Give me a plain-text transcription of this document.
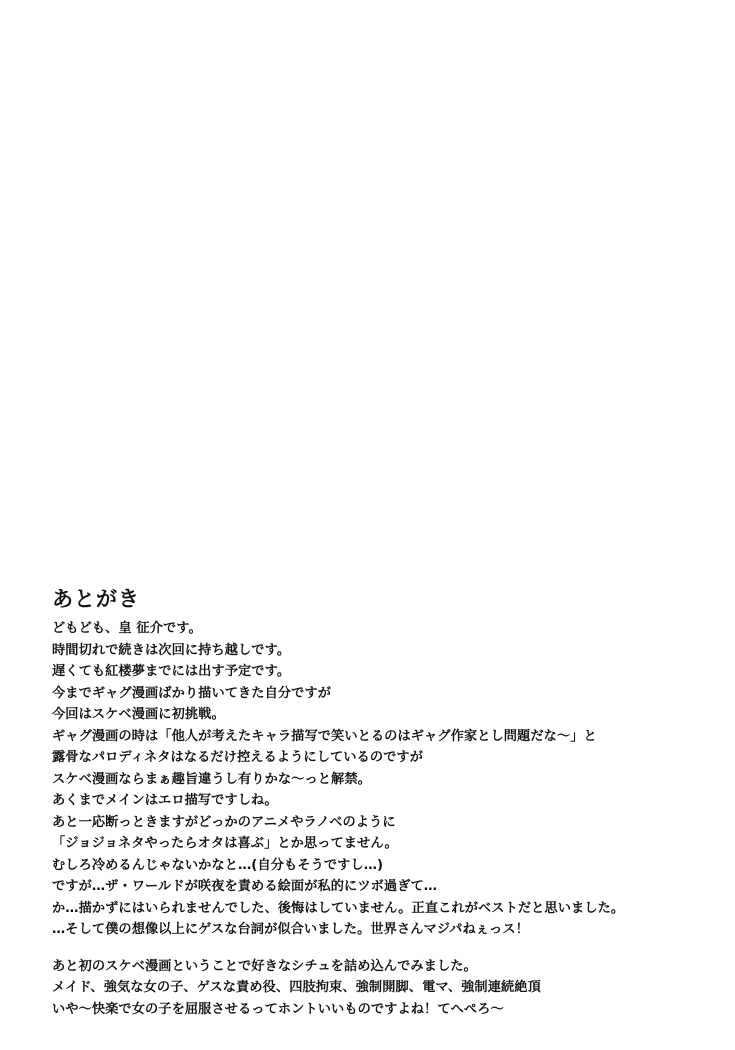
あとがき
どもども、皇 征介です。
時間切れで続きは次回に持ち越しです。
遅くても紅楼夢までには出す予定です。
今までギャグ漫画ばかり描いてきた自分ですが
今回はスケベ漫画に初挑戦。
ギャグ漫画の時は「他人が考えたキャラ描写で笑いとるのはギャグ作家とし問題だな〜」と
露骨なパロディネタはなるだけ控えるようにしているのですが
スケベ漫画ならまぁ趣旨違うし有りかな〜っと解禁。
あくまでメインはエロ描写ですしね。
あと一応断っときますがどっかのアニメやラノベのように
「ジョジョネタやったらオタは喜ぶ」とか思ってません。
むしろ冷めるんじゃないかなと…(自分もそうですし…)
ですが…ザ・ワールドが咲夜を責める絵面が私的にツボ過ぎて…
か…描かずにはいられませんでした、後悔はしていません。正直これがベストだと思いました。
…そして僕の想像以上にゲスな台詞が似合いました。世界さんマジパねぇっス！
あと初のスケベ漫画ということで好きなシチュを詰め込んでみました。
メイド、強気な女の子、ゲスな責め役、四肢拘束、強制開脚、電マ、強制連続絶頂
いや〜快楽で女の子を屈服させるってホントいいものですよね！てへぺろ〜
